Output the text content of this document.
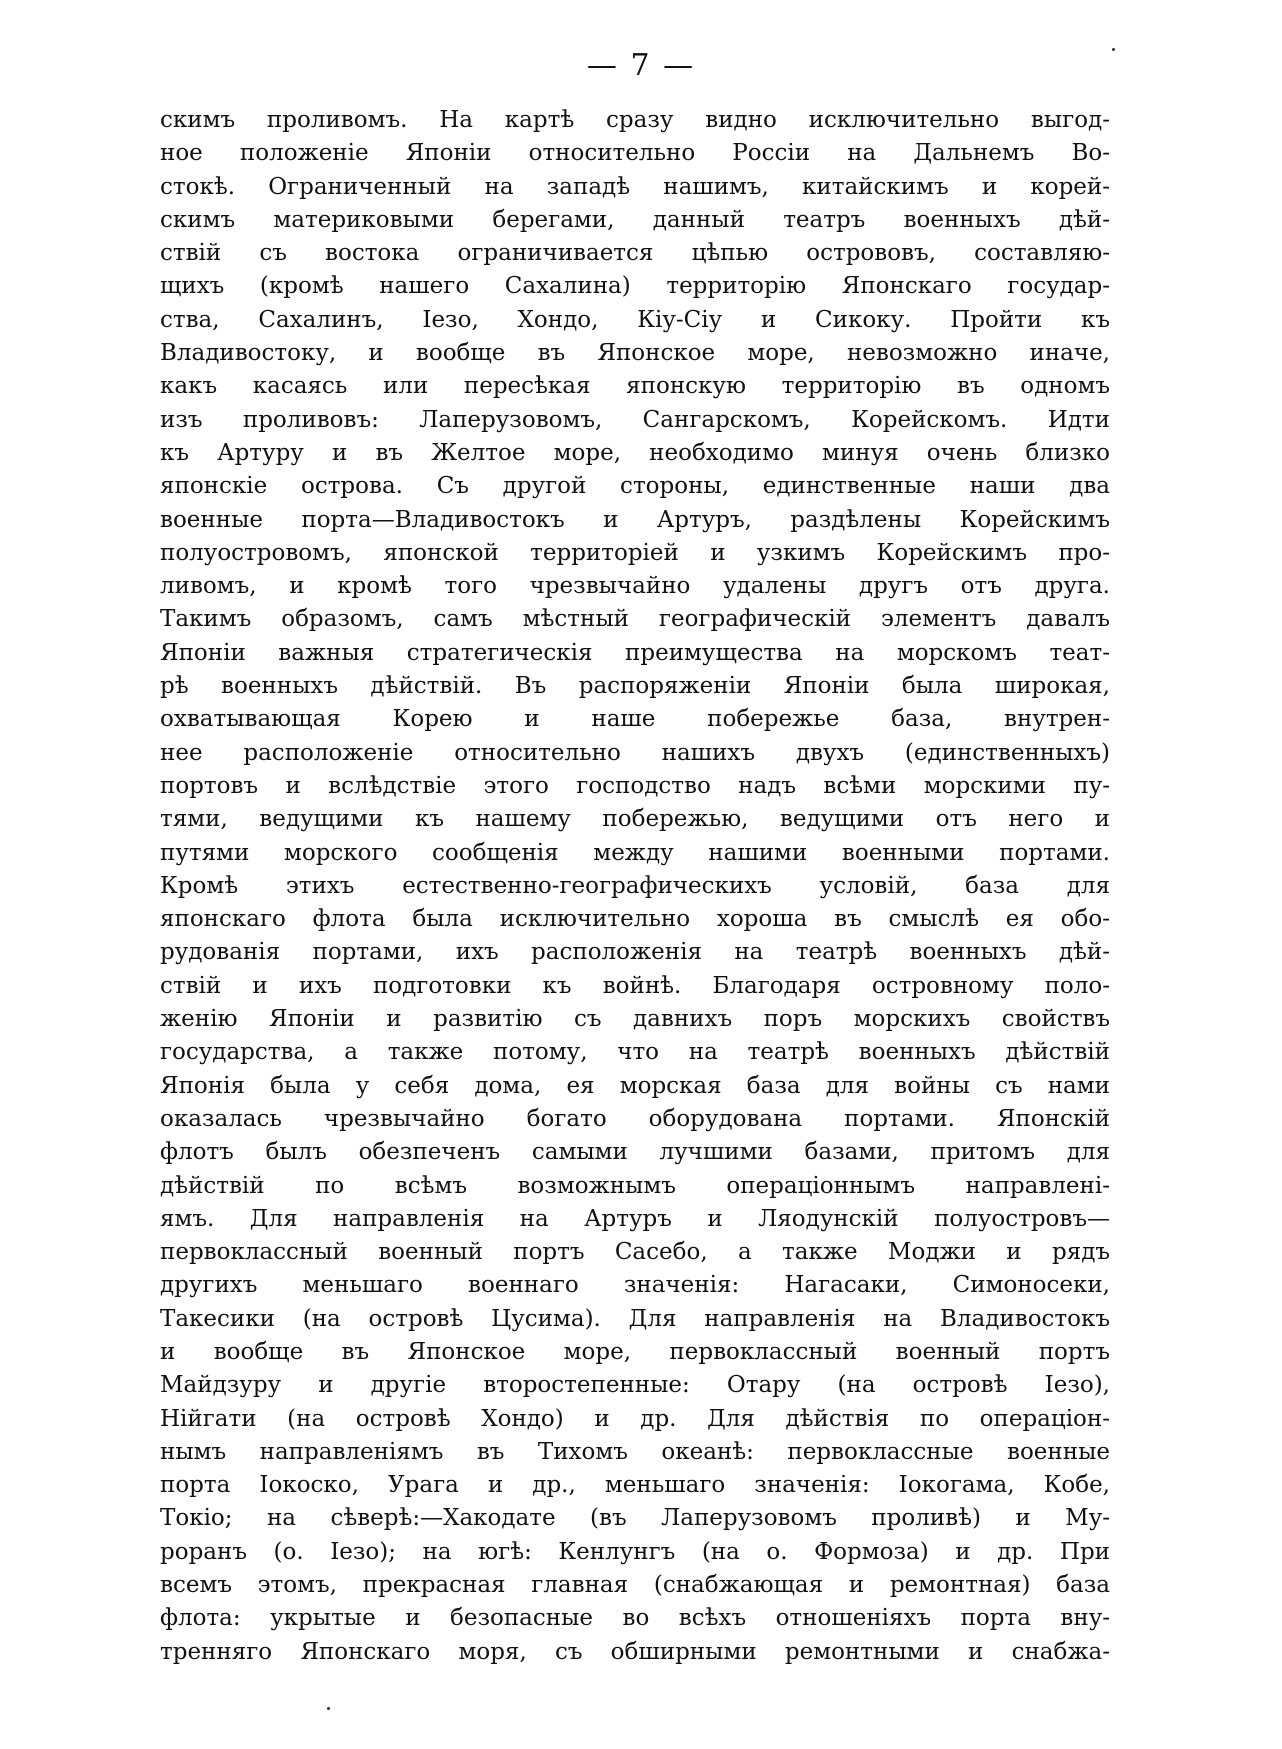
— 7 —
скимъ проливомъ. На картѣ сразу видно исключительно выгод-
ное положенiе Японiи относительно Россiи на Дальнемъ Во-
стокѣ. Ограниченный на западѣ нашимъ, китайскимъ и корей-
скимъ материковыми берегами, данный театръ военныхъ дѣй-
ствiй съ востока ограничивается цѣпью острововъ, составляю-
щихъ (кромѣ нашего Сахалина) территорiю Японскаго государ-
ства, Сахалинъ, Iезо, Хондо, Кiу-Сiу и Сикоку. Пройти къ
Владивостоку, и вообще въ Японское море, невозможно иначе,
какъ касаясь или пересѣкая японскую территорiю въ одномъ
изъ проливовъ: Лаперузовомъ, Сангарскомъ, Корейскомъ. Идти
къ Артуру и въ Желтое море, необходимо минуя очень близко
японскiе острова. Съ другой стороны, единственные наши два
военные порта—Владивостокъ и Артуръ, раздѣлены Корейскимъ
полуостровомъ, японской территорiей и узкимъ Корейскимъ про-
ливомъ, и кромѣ того чрезвычайно удалены другъ отъ друга.
Такимъ образомъ, самъ мѣстный географическiй элементъ давалъ
Японiи важныя стратегическiя преимущества на морскомъ теат-
рѣ военныхъ дѣйствiй. Въ распоряженiи Японiи была широкая,
охватывающая Корею и наше побережье база, внутрен-
нее расположенiе относительно нашихъ двухъ (единственныхъ)
портовъ и вслѣдствiе этого господство надъ всѣми морскими пу-
тями, ведущими къ нашему побережью, ведущими отъ него и
путями морского сообщенiя между нашими военными портами.
Кромѣ этихъ естественно-географическихъ условiй, база для
японскаго флота была исключительно хороша въ смыслѣ ея обо-
рудованiя портами, ихъ расположенiя на театрѣ военныхъ дѣй-
ствiй и ихъ подготовки къ войнѣ. Благодаря островному поло-
женiю Японiи и развитiю съ давнихъ поръ морскихъ свойствъ
государства, а также потому, что на театрѣ военныхъ дѣйствiй
Японiя была у себя дома, ея морская база для войны съ нами
оказалась чрезвычайно богато оборудована портами. Японскiй
флотъ былъ обезпеченъ самыми лучшими базами, притомъ для
дѣйствiй по всѣмъ возможнымъ операцiоннымъ направленi-
ямъ. Для направленiя на Артуръ и Ляодунскiй полуостровъ—
первоклассный военный портъ Сасебо, а также Моджи и рядъ
другихъ меньшаго военнаго значенiя: Нагасаки, Симоносеки,
Такесики (на островѣ Цусима). Для направленiя на Владивостокъ
и вообще въ Японское море, первоклассный военный портъ
Майдзуру и другiе второстепенные: Отару (на островѣ Iезо),
Нiйгати (на островѣ Хондо) и др. Для дѣйствiя по операцiон-
нымъ направленiямъ въ Тихомъ океанѣ: первоклассные военные
порта Iокоско, Урага и др., меньшаго значенiя: Iокогама, Кобе,
Токiо; на сѣверѣ:—Хакодате (въ Лаперузовомъ проливѣ) и Му-
роранъ (о. Iезо); на югѣ: Кенлунгъ (на о. Формоза) и др. При
всемъ этомъ, прекрасная главная (снабжающая и ремонтная) база
флота: укрытые и безопасные во всѣхъ отношенiяхъ порта вну-
тренняго Японскаго моря, съ обширными ремонтными и снабжа-
